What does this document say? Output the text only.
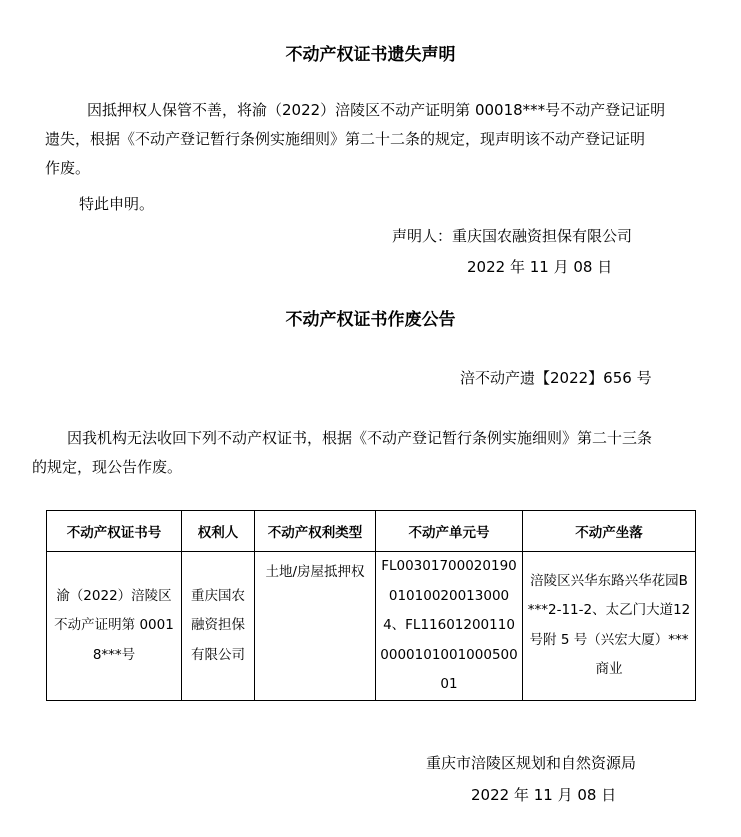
不动产权证书遗失声明
因抵押权人保管不善，将渝（2022）涪陵区不动产证明第 00018***号不动产登记证明
遗失，根据《不动产登记暂行条例实施细则》第二十二条的规定，现声明该不动产登记证明
作废。
特此申明。
声明人：重庆国农融资担保有限公司
2022 年 11 月 08 日
不动产权证书作废公告
涪不动产遗【2022】656 号
因我机构无法收回下列不动产权证书，根据《不动产登记暂行条例实施细则》第二十三条
的规定，现公告作废。
不动产权证书号	权利人	不动产权利类型	不动产单元号	不动产坐落
渝（2022）涪陵区不动产证明第 00018***号	重庆国农融资担保有限公司	土地/房屋抵押权	FL00301700020190010100200130004、FL11601200110000010100100050001	涪陵区兴华东路兴华花园B***2-11-2、太乙门大道12 号附 5 号（兴宏大厦）***商业
重庆市涪陵区规划和自然资源局
2022 年 11 月 08 日
